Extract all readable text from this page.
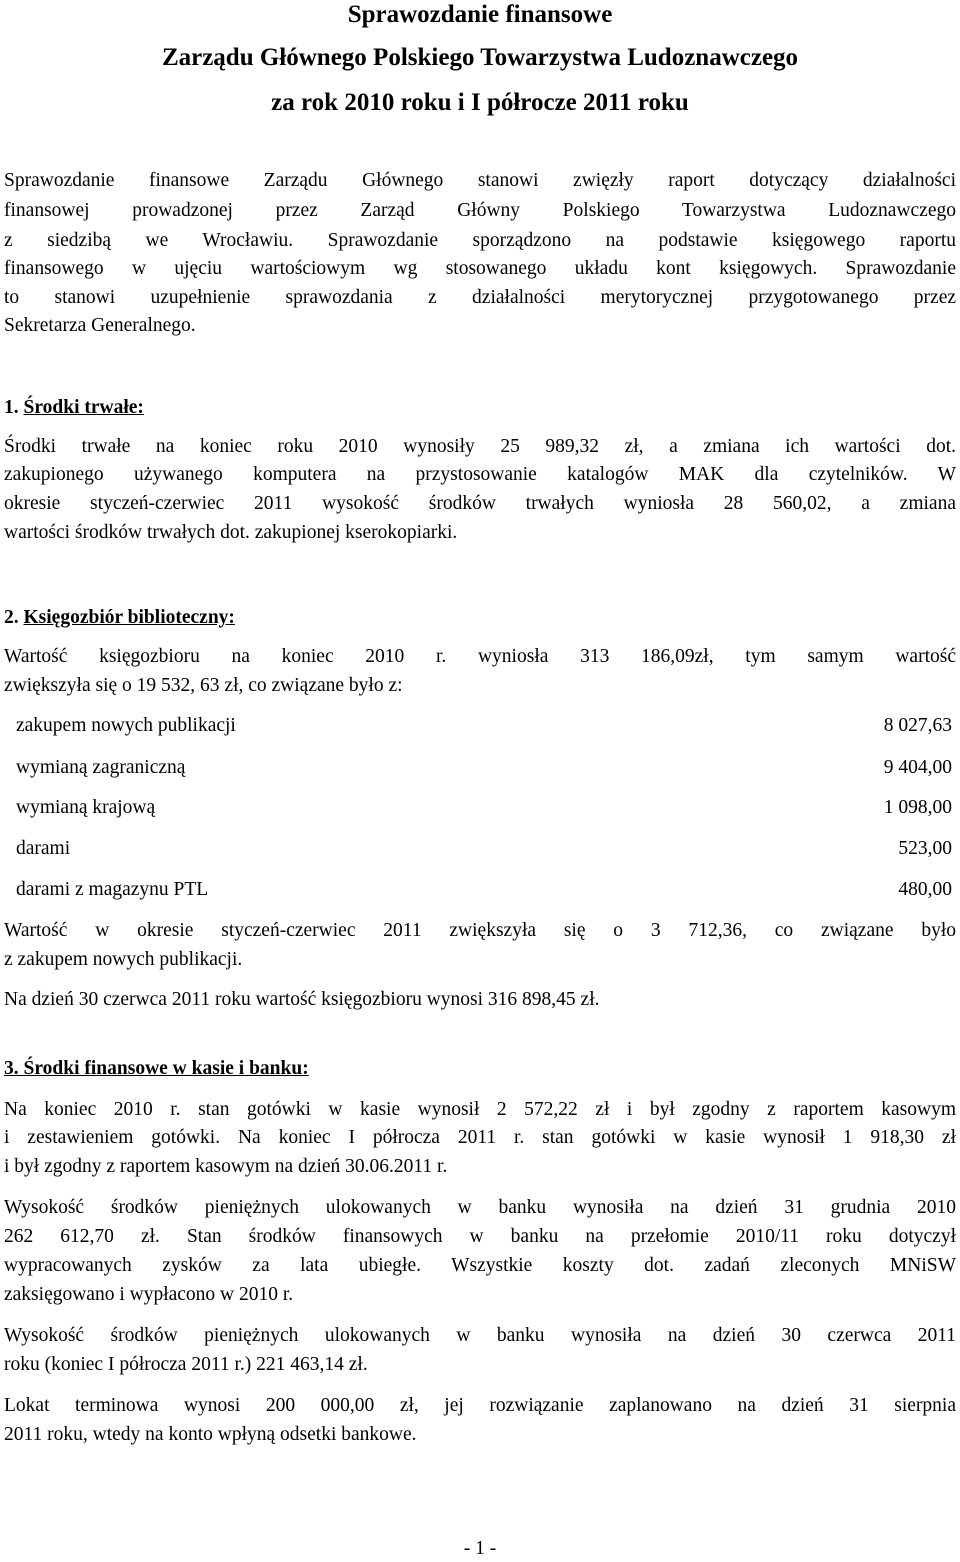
Sprawozdanie finansowe
Zarządu Głównego Polskiego Towarzystwa Ludoznawczego
za rok 2010 roku i I półrocze 2011 roku
Sprawozdanie finansowe Zarządu Głównego stanowi zwięzły raport dotyczący działalności
finansowej prowadzonej przez Zarząd Główny Polskiego Towarzystwa Ludoznawczego
z siedzibą we Wrocławiu. Sprawozdanie sporządzono na podstawie księgowego raportu
finansowego w ujęciu wartościowym wg stosowanego układu kont księgowych. Sprawozdanie
to stanowi uzupełnienie sprawozdania z działalności merytorycznej przygotowanego przez
Sekretarza Generalnego.
1. Środki trwałe:
Środki trwałe na koniec roku 2010 wynosiły 25 989,32 zł, a zmiana ich wartości dot.
zakupionego używanego komputera na przystosowanie katalogów MAK dla czytelników. W
okresie styczeń-czerwiec 2011 wysokość środków trwałych wyniosła 28 560,02, a zmiana
wartości środków trwałych dot. zakupionej kserokopiarki.
2. Księgozbiór biblioteczny:
Wartość księgozbioru na koniec 2010 r. wyniosła 313 186,09zł, tym samym wartość
zwiększyła się o 19 532, 63 zł, co związane było z:
zakupem nowych publikacji	8 027,63
wymianą zagraniczną	9 404,00
wymianą krajową	1 098,00
darami	523,00
darami z magazynu PTL	480,00
Wartość w okresie styczeń-czerwiec 2011 zwiększyła się o 3 712,36, co związane było
z zakupem nowych publikacji.
Na dzień 30 czerwca 2011 roku wartość księgozbioru wynosi 316 898,45 zł.
3. Środki finansowe w kasie i banku:
Na koniec 2010 r. stan gotówki w kasie wynosił 2 572,22 zł i był zgodny z raportem kasowym
i zestawieniem gotówki. Na koniec I półrocza 2011 r. stan gotówki w kasie wynosił 1 918,30 zł
i był zgodny z raportem kasowym na dzień 30.06.2011 r.
Wysokość środków pieniężnych ulokowanych w banku wynosiła na dzień 31 grudnia 2010
262 612,70 zł. Stan środków finansowych w banku na przełomie 2010/11 roku dotyczył
wypracowanych zysków za lata ubiegłe. Wszystkie koszty dot. zadań zleconych MNiSW
zaksięgowano i wypłacono w 2010 r.
Wysokość środków pieniężnych ulokowanych w banku wynosiła na dzień 30 czerwca 2011
roku (koniec I półrocza 2011 r.) 221 463,14 zł.
Lokat terminowa wynosi 200 000,00 zł, jej rozwiązanie zaplanowano na dzień 31 sierpnia
2011 roku, wtedy na konto wpłyną odsetki bankowe.
- 1 -
